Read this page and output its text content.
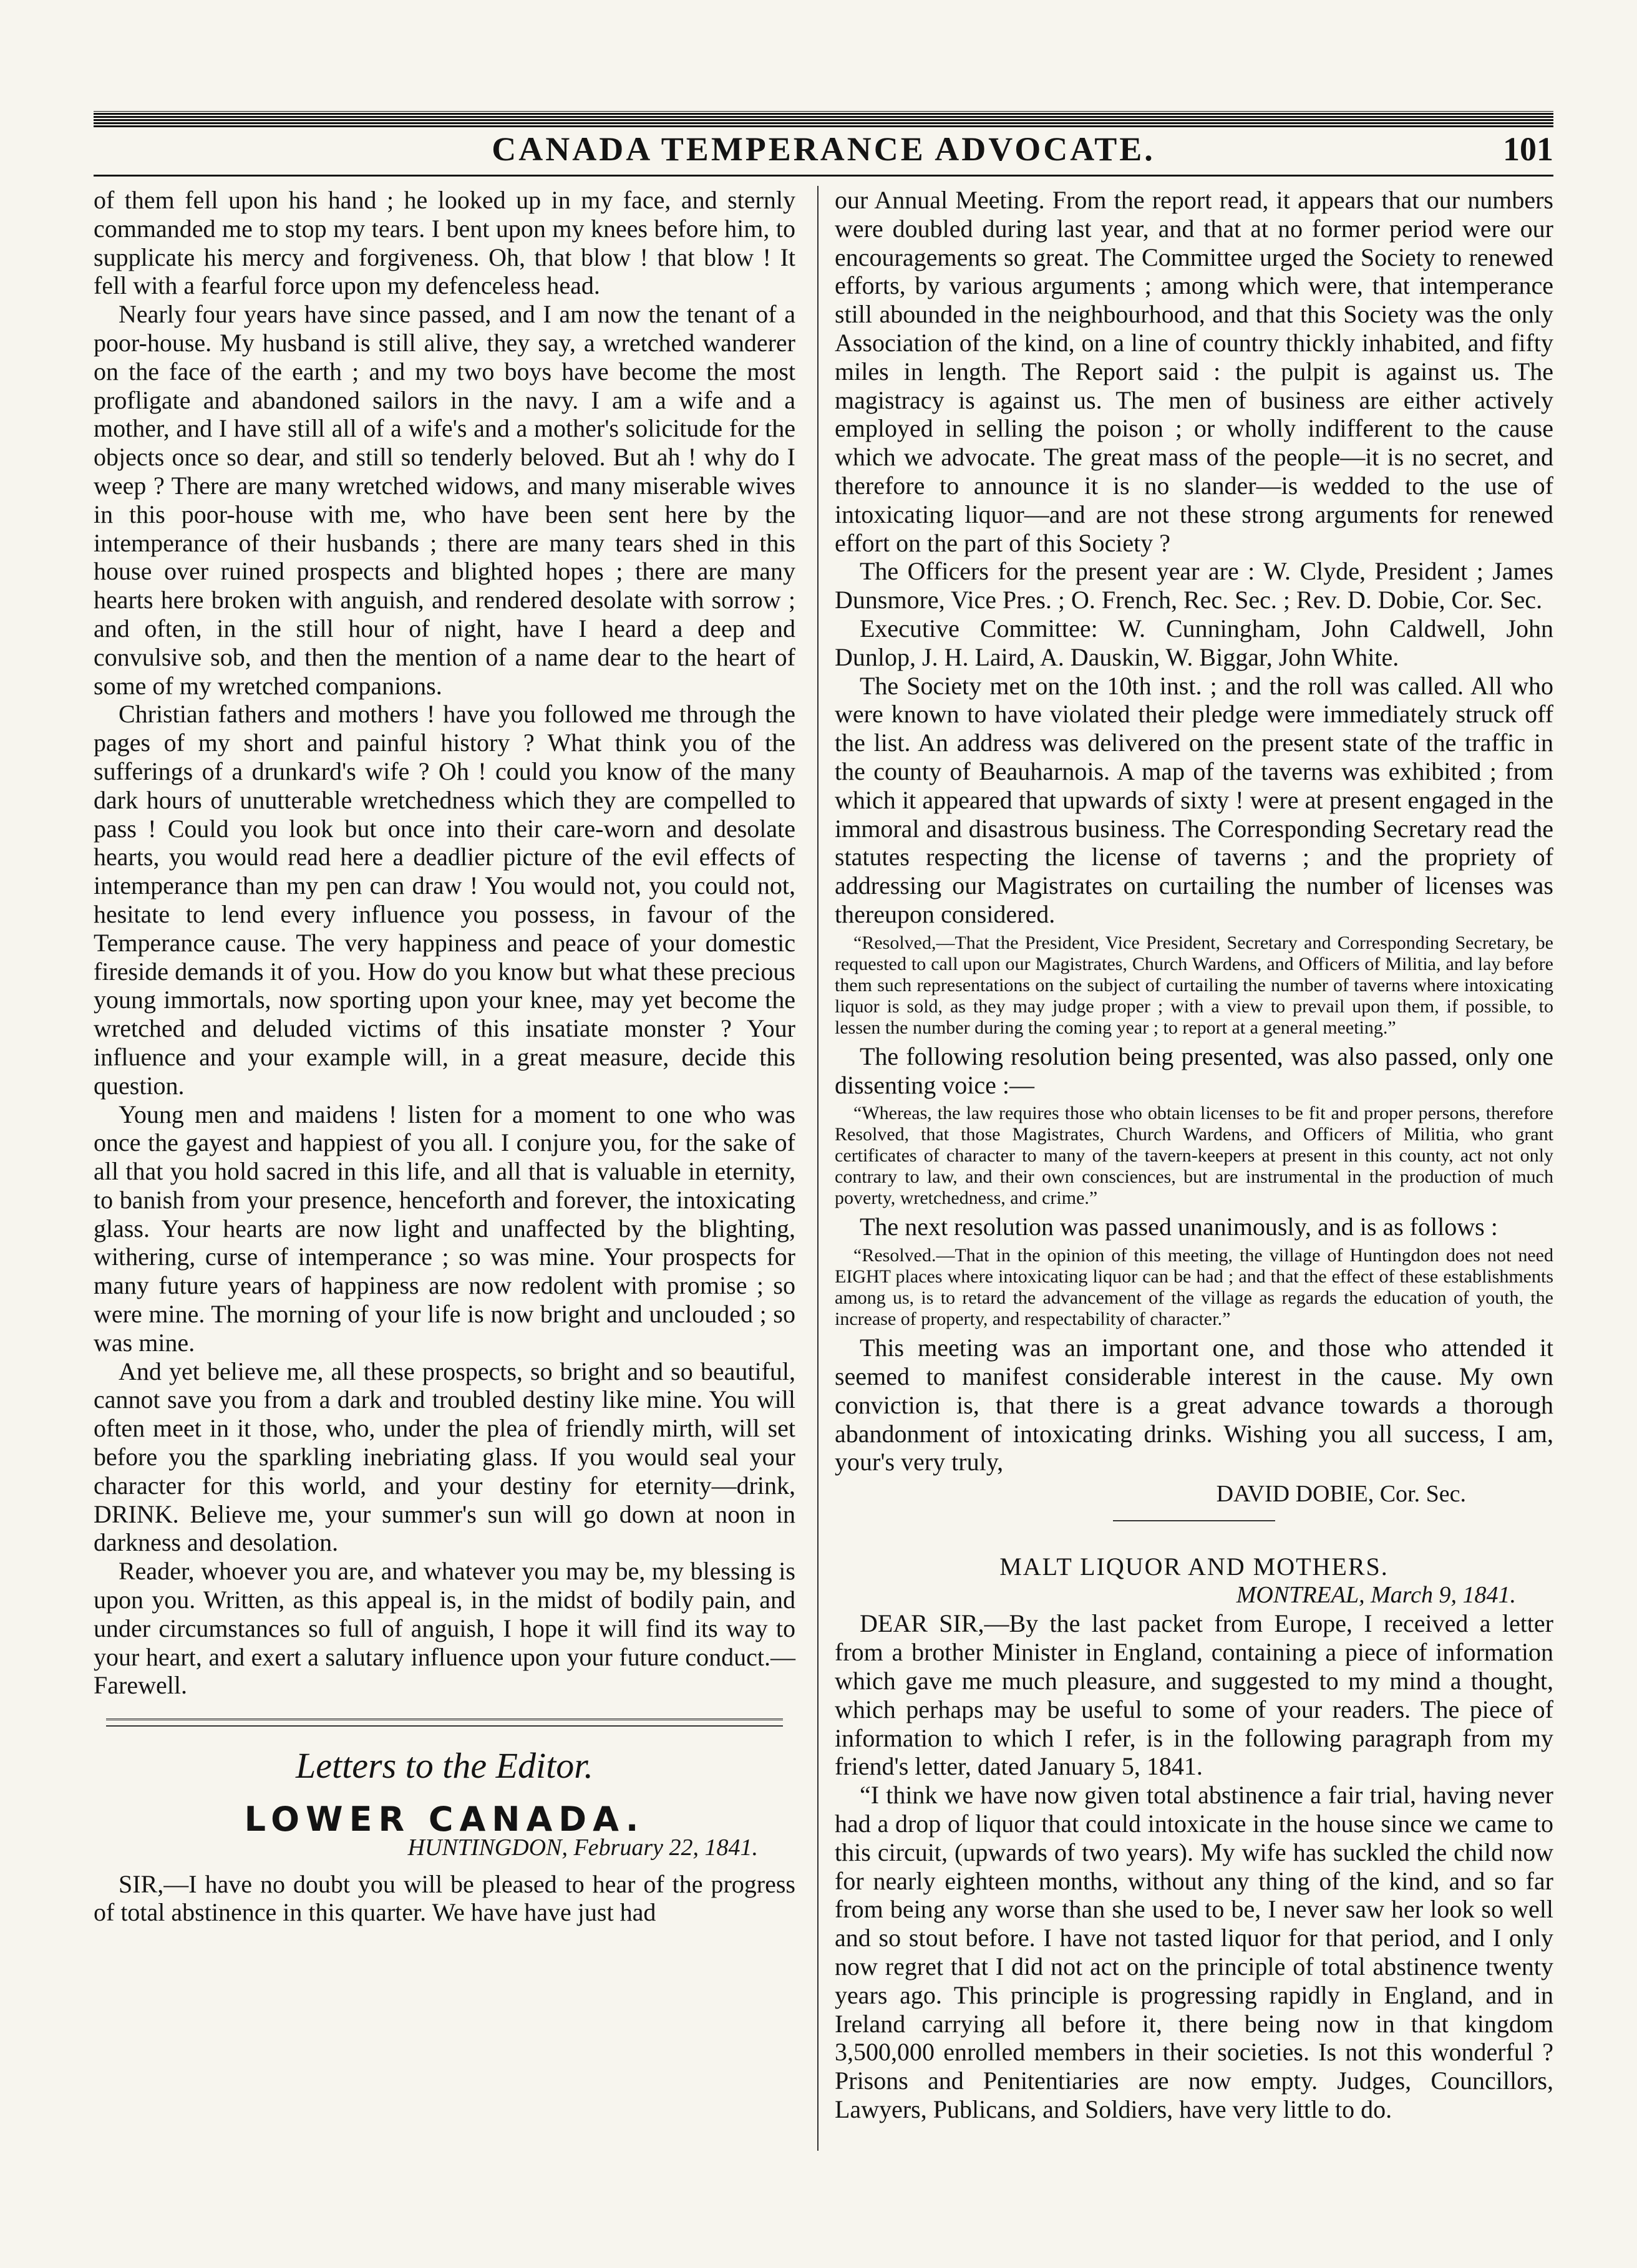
CANADA TEMPERANCE ADVOCATE.	101

of them fell upon his hand ; he looked up in my face, and sternly commanded me to stop my tears. I bent upon my knees before him, to supplicate his mercy and forgiveness. Oh, that blow ! that blow ! It fell with a fearful force upon my defenceless head.

Nearly four years have since passed, and I am now the tenant of a poor-house. My husband is still alive, they say, a wretched wanderer on the face of the earth ; and my two boys have become the most profligate and abandoned sailors in the navy. I am a wife and a mother, and I have still all of a wife's and a mother's solicitude for the objects once so dear, and still so tenderly beloved. But ah ! why do I weep ? There are many wretched widows, and many miserable wives in this poor-house with me, who have been sent here by the intemperance of their husbands ; there are many tears shed in this house over ruined prospects and blighted hopes ; there are many hearts here broken with anguish, and rendered desolate with sorrow ; and often, in the still hour of night, have I heard a deep and convulsive sob, and then the mention of a name dear to the heart of some of my wretched companions.

Christian fathers and mothers ! have you followed me through the pages of my short and painful history ? What think you of the sufferings of a drunkard's wife ? Oh ! could you know of the many dark hours of unutterable wretchedness which they are compelled to pass ! Could you look but once into their care-worn and desolate hearts, you would read here a deadlier picture of the evil effects of intemperance than my pen can draw ! You would not, you could not, hesitate to lend every influence you possess, in favour of the Temperance cause. The very happiness and peace of your domestic fireside demands it of you. How do you know but what these precious young immortals, now sporting upon your knee, may yet become the wretched and deluded victims of this insatiate monster ? Your influence and your example will, in a great measure, decide this question.

Young men and maidens ! listen for a moment to one who was once the gayest and happiest of you all. I conjure you, for the sake of all that you hold sacred in this life, and all that is valuable in eternity, to banish from your presence, henceforth and forever, the intoxicating glass. Your hearts are now light and unaffected by the blighting, withering, curse of intemperance ; so was mine. Your prospects for many future years of happiness are now redolent with promise ; so were mine. The morning of your life is now bright and unclouded ; so was mine.

And yet believe me, all these prospects, so bright and so beautiful, cannot save you from a dark and troubled destiny like mine. You will often meet in it those, who, under the plea of friendly mirth, will set before you the sparkling inebriating glass. If you would seal your character for this world, and your destiny for eternity—drink, DRINK. Believe me, your summer's sun will go down at noon in darkness and desolation.

Reader, whoever you are, and whatever you may be, my blessing is upon you. Written, as this appeal is, in the midst of bodily pain, and under circumstances so full of anguish, I hope it will find its way to your heart, and exert a salutary influence upon your future conduct.—Farewell.

Letters to the Editor.
LOWER CANADA.
HUNTINGDON, February 22, 1841.

SIR,—I have no doubt you will be pleased to hear of the progress of total abstinence in this quarter. We have have just had

our Annual Meeting. From the report read, it appears that our numbers were doubled during last year, and that at no former period were our encouragements so great. The Committee urged the Society to renewed efforts, by various arguments ; among which were, that intemperance still abounded in the neighbourhood, and that this Society was the only Association of the kind, on a line of country thickly inhabited, and fifty miles in length. The Report said : the pulpit is against us. The magistracy is against us. The men of business are either actively employed in selling the poison ; or wholly indifferent to the cause which we advocate. The great mass of the people—it is no secret, and therefore to announce it is no slander—is wedded to the use of intoxicating liquor—and are not these strong arguments for renewed effort on the part of this Society ?

The Officers for the present year are : W. Clyde, President ; James Dunsmore, Vice Pres. ; O. French, Rec. Sec. ; Rev. D. Dobie, Cor. Sec.

Executive Committee: W. Cunningham, John Caldwell, John Dunlop, J. H. Laird, A. Dauskin, W. Biggar, John White.

The Society met on the 10th inst. ; and the roll was called. All who were known to have violated their pledge were immediately struck off the list. An address was delivered on the present state of the traffic in the county of Beauharnois. A map of the taverns was exhibited ; from which it appeared that upwards of sixty ! were at present engaged in the immoral and disastrous business. The Corresponding Secretary read the statutes respecting the license of taverns ; and the propriety of addressing our Magistrates on curtailing the number of licenses was thereupon considered.

“Resolved,—That the President, Vice President, Secretary and Corresponding Secretary, be requested to call upon our Magistrates, Church Wardens, and Officers of Militia, and lay before them such representations on the subject of curtailing the number of taverns where intoxicating liquor is sold, as they may judge proper ; with a view to prevail upon them, if possible, to lessen the number during the coming year ; to report at a general meeting.”

The following resolution being presented, was also passed, only one dissenting voice :—

“Whereas, the law requires those who obtain licenses to be fit and proper persons, therefore Resolved, that those Magistrates, Church Wardens, and Officers of Militia, who grant certificates of character to many of the tavern-keepers at present in this county, act not only contrary to law, and their own consciences, but are instrumental in the production of much poverty, wretchedness, and crime.”

The next resolution was passed unanimously, and is as follows :

“Resolved.—That in the opinion of this meeting, the village of Huntingdon does not need EIGHT places where intoxicating liquor can be had ; and that the effect of these establishments among us, is to retard the advancement of the village as regards the education of youth, the increase of property, and respectability of character.”

This meeting was an important one, and those who attended it seemed to manifest considerable interest in the cause. My own conviction is, that there is a great advance towards a thorough abandonment of intoxicating drinks. Wishing you all success, I am, your's very truly,

DAVID DOBIE, Cor. Sec.
MALT LIQUOR AND MOTHERS.
MONTREAL, March 9, 1841.

DEAR SIR,—By the last packet from Europe, I received a letter from a brother Minister in England, containing a piece of information which gave me much pleasure, and suggested to my mind a thought, which perhaps may be useful to some of your readers. The piece of information to which I refer, is in the following paragraph from my friend's letter, dated January 5, 1841.

“I think we have now given total abstinence a fair trial, having never had a drop of liquor that could intoxicate in the house since we came to this circuit, (upwards of two years). My wife has suckled the child now for nearly eighteen months, without any thing of the kind, and so far from being any worse than she used to be, I never saw her look so well and so stout before. I have not tasted liquor for that period, and I only now regret that I did not act on the principle of total abstinence twenty years ago. This principle is progressing rapidly in England, and in Ireland carrying all before it, there being now in that kingdom 3,500,000 enrolled members in their societies. Is not this wonderful ? Prisons and Penitentiaries are now empty. Judges, Councillors, Lawyers, Publicans, and Soldiers, have very little to do.
